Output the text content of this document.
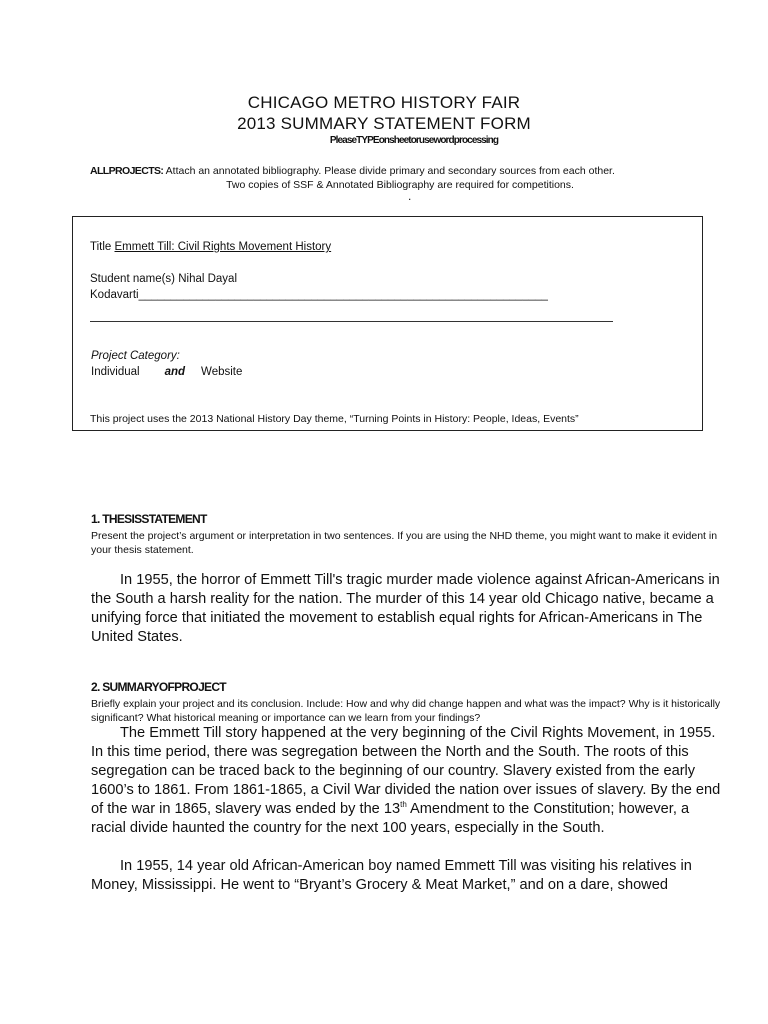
CHICAGO METRO HISTORY FAIR
2013 SUMMARY STATEMENT FORM
PleaseTYPEonsheetorusewordprocessing
ALLPROJECTS: Attach an annotated bibliography. Please divide primary and secondary sources from each other.
Two copies of SSF & Annotated Bibliography are required for competitions.
.
Title Emmett Till: Civil Rights Movement History
Student name(s) Nihal Dayal
Kodavarti________________________________________________________________
Project Category:
Individual and Website
This project uses the 2013 National History Day theme, “Turning Points in History: People, Ideas, Events”
1. THESISSTATEMENT
Present the project’s argument or interpretation in two sentences. If you are using the NHD theme, you might want to make it evident in your thesis statement.
In 1955, the horror of Emmett Till's tragic murder made violence against African-Americans in the South a harsh reality for the nation. The murder of this 14 year old Chicago native, became a unifying force that initiated the movement to establish equal rights for African-Americans in The United States.
2. SUMMARYOFPROJECT
Briefly explain your project and its conclusion. Include: How and why did change happen and what was the impact? Why is it historically significant? What historical meaning or importance can we learn from your findings?
The Emmett Till story happened at the very beginning of the Civil Rights Movement, in 1955. In this time period, there was segregation between the North and the South. The roots of this segregation can be traced back to the beginning of our country. Slavery existed from the early 1600’s to 1861. From 1861-1865, a Civil War divided the nation over issues of slavery. By the end of the war in 1865, slavery was ended by the 13th Amendment to the Constitution; however, a racial divide haunted the country for the next 100 years, especially in the South.
In 1955, 14 year old African-American boy named Emmett Till was visiting his relatives in Money, Mississippi. He went to “Bryant’s Grocery & Meat Market,” and on a dare, showed
